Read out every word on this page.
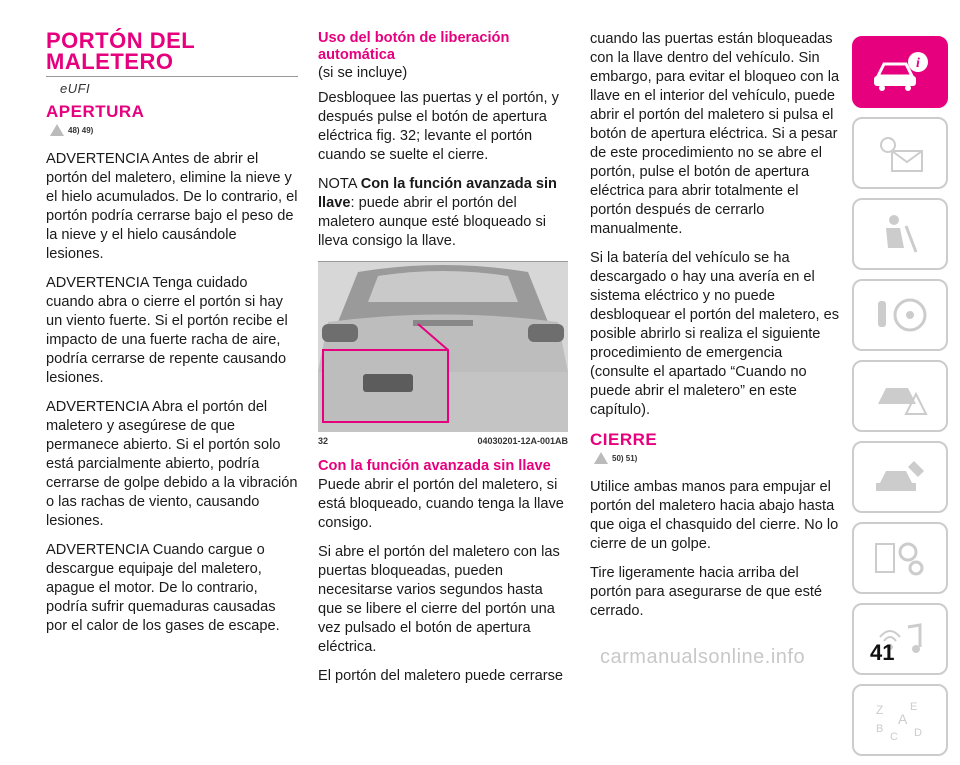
PORTÓN DEL MALETERO
eUFI
APERTURA
48) 49)

ADVERTENCIA Antes de abrir el portón del maletero, elimine la nieve y el hielo acumulados. De lo contrario, el portón podría cerrarse bajo el peso de la nieve y el hielo causándole lesiones.

ADVERTENCIA Tenga cuidado cuando abra o cierre el portón si hay un viento fuerte. Si el portón recibe el impacto de una fuerte racha de aire, podría cerrarse de repente causando lesiones.

ADVERTENCIA Abra el portón del maletero y asegúrese de que permanece abierto. Si el portón solo está parcialmente abierto, podría cerrarse de golpe debido a la vibración o las rachas de viento, causando lesiones.

ADVERTENCIA Cuando cargue o descargue equipaje del maletero, apague el motor. De lo contrario, podría sufrir quemaduras causadas por el calor de los gases de escape.

Uso del botón de liberación automática

(si se incluye)

Desbloquee las puertas y el portón, y después pulse el botón de apertura eléctrica fig. 32; levante el portón cuando se suelte el cierre.

NOTA Con la función avanzada sin llave: puede abrir el portón del maletero aunque esté bloqueado si lleva consigo la llave.

32	04030201-12A-001AB
Con la función avanzada sin llave

Puede abrir el portón del maletero, si está bloqueado, cuando tenga la llave consigo.

Si abre el portón del maletero con las puertas bloqueadas, pueden necesitarse varios segundos hasta que se libere el cierre del portón una vez pulsado el botón de apertura eléctrica.

El portón del maletero puede cerrarse

cuando las puertas están bloqueadas con la llave dentro del vehículo. Sin embargo, para evitar el bloqueo con la llave en el interior del vehículo, puede abrir el portón del maletero si pulsa el botón de apertura eléctrica. Si a pesar de este procedimiento no se abre el portón, pulse el botón de apertura eléctrica para abrir totalmente el portón después de cerrarlo manualmente.

Si la batería del vehículo se ha descargado o hay una avería en el sistema eléctrico y no puede desbloquear el portón del maletero, es posible abrirlo si realiza el siguiente procedimiento de emergencia (consulte el apartado “Cuando no puede abrir el maletero” en este capítulo).

CIERRE
50) 51)

Utilice ambas manos para empujar el portón del maletero hacia abajo hasta que oiga el chasquido del cierre. No lo cierre de un golpe.

Tire ligeramente hacia arriba del portón para asegurarse de que esté cerrado.

i
Z E
A
B
C D
41
carmanualsonline.info
